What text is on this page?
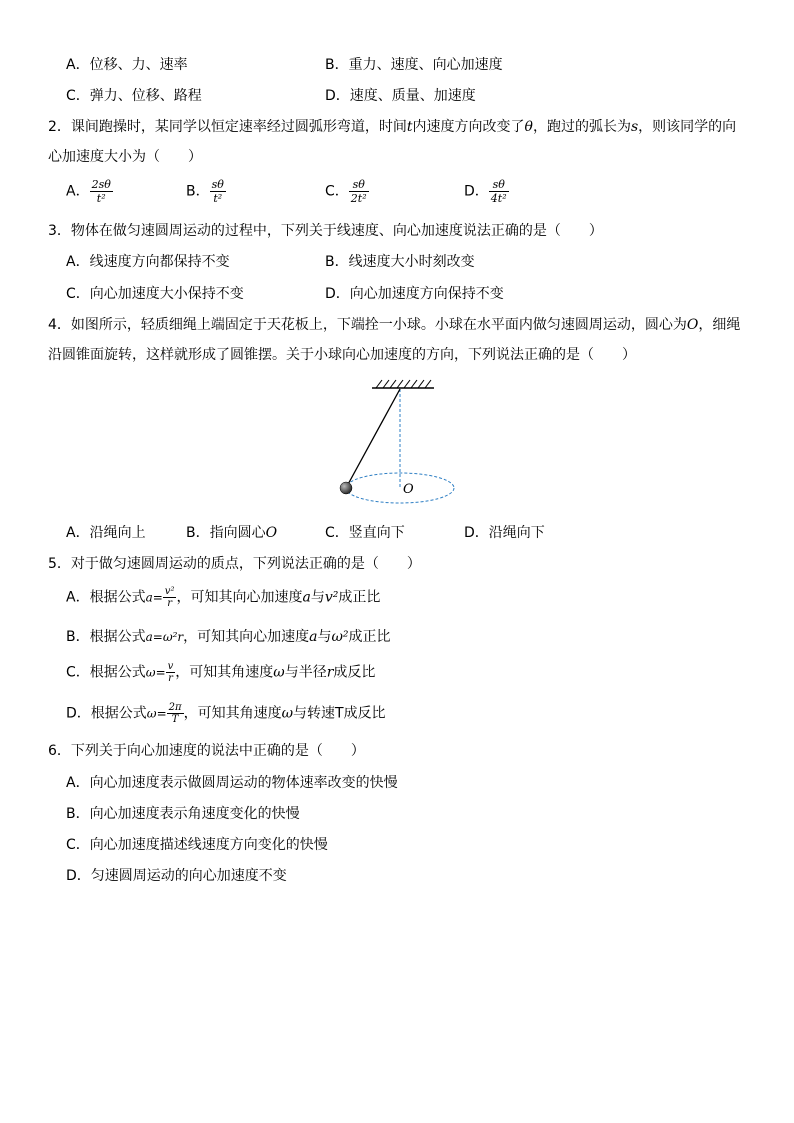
A．位移、力、速率	B．重力、速度、向心加速度
C．弹力、位移、路程	D．速度、质量、加速度
2．课间跑操时，某同学以恒定速率经过圆弧形弯道，时间t内速度方向改变了θ，跑过的弧长为s，则该同学的向
心加速度大小为（　　）
A． $\frac{2s\theta}{\text{t²}}$	B． $\frac{s\theta}{\text{t²}}$	C． $\frac{s\theta}{\text{2t²}}$	D． $\frac{s\theta}{\text{4t²}}$
3．物体在做匀速圆周运动的过程中，下列关于线速度、向心加速度说法正确的是（　　）
A．线速度方向都保持不变	B．线速度大小时刻改变
C．向心加速度大小保持不变	D．向心加速度方向保持不变
4．如图所示，轻质细绳上端固定于天花板上，下端拴一小球。小球在水平面内做匀速圆周运动，圆心为O，细绳
沿圆锥面旋转，这样就形成了圆锥摆。关于小球向心加速度的方向，下列说法正确的是（　　）
O
A．沿绳向上	B．指向圆心O	C．竖直向下	D．沿绳向下
5．对于做匀速圆周运动的质点，下列说法正确的是（　　）
A．根据公式$a= \frac{\text{v²}}{r}$ ，可知其向心加速度a与v²成正比
B．根据公式a=ω²r，可知其向心加速度a与ω²成正比
C．根据公式$\omega= \frac{v}{r}$ ，可知其角速度ω与半径r成反比
D．根据公式$\omega= \frac{2\pi}{T}$ ，可知其角速度ω与转速T成反比
6．下列关于向心加速度的说法中正确的是（　　）
A．向心加速度表示做圆周运动的物体速率改变的快慢
B．向心加速度表示角速度变化的快慢
C．向心加速度描述线速度方向变化的快慢
D．匀速圆周运动的向心加速度不变
